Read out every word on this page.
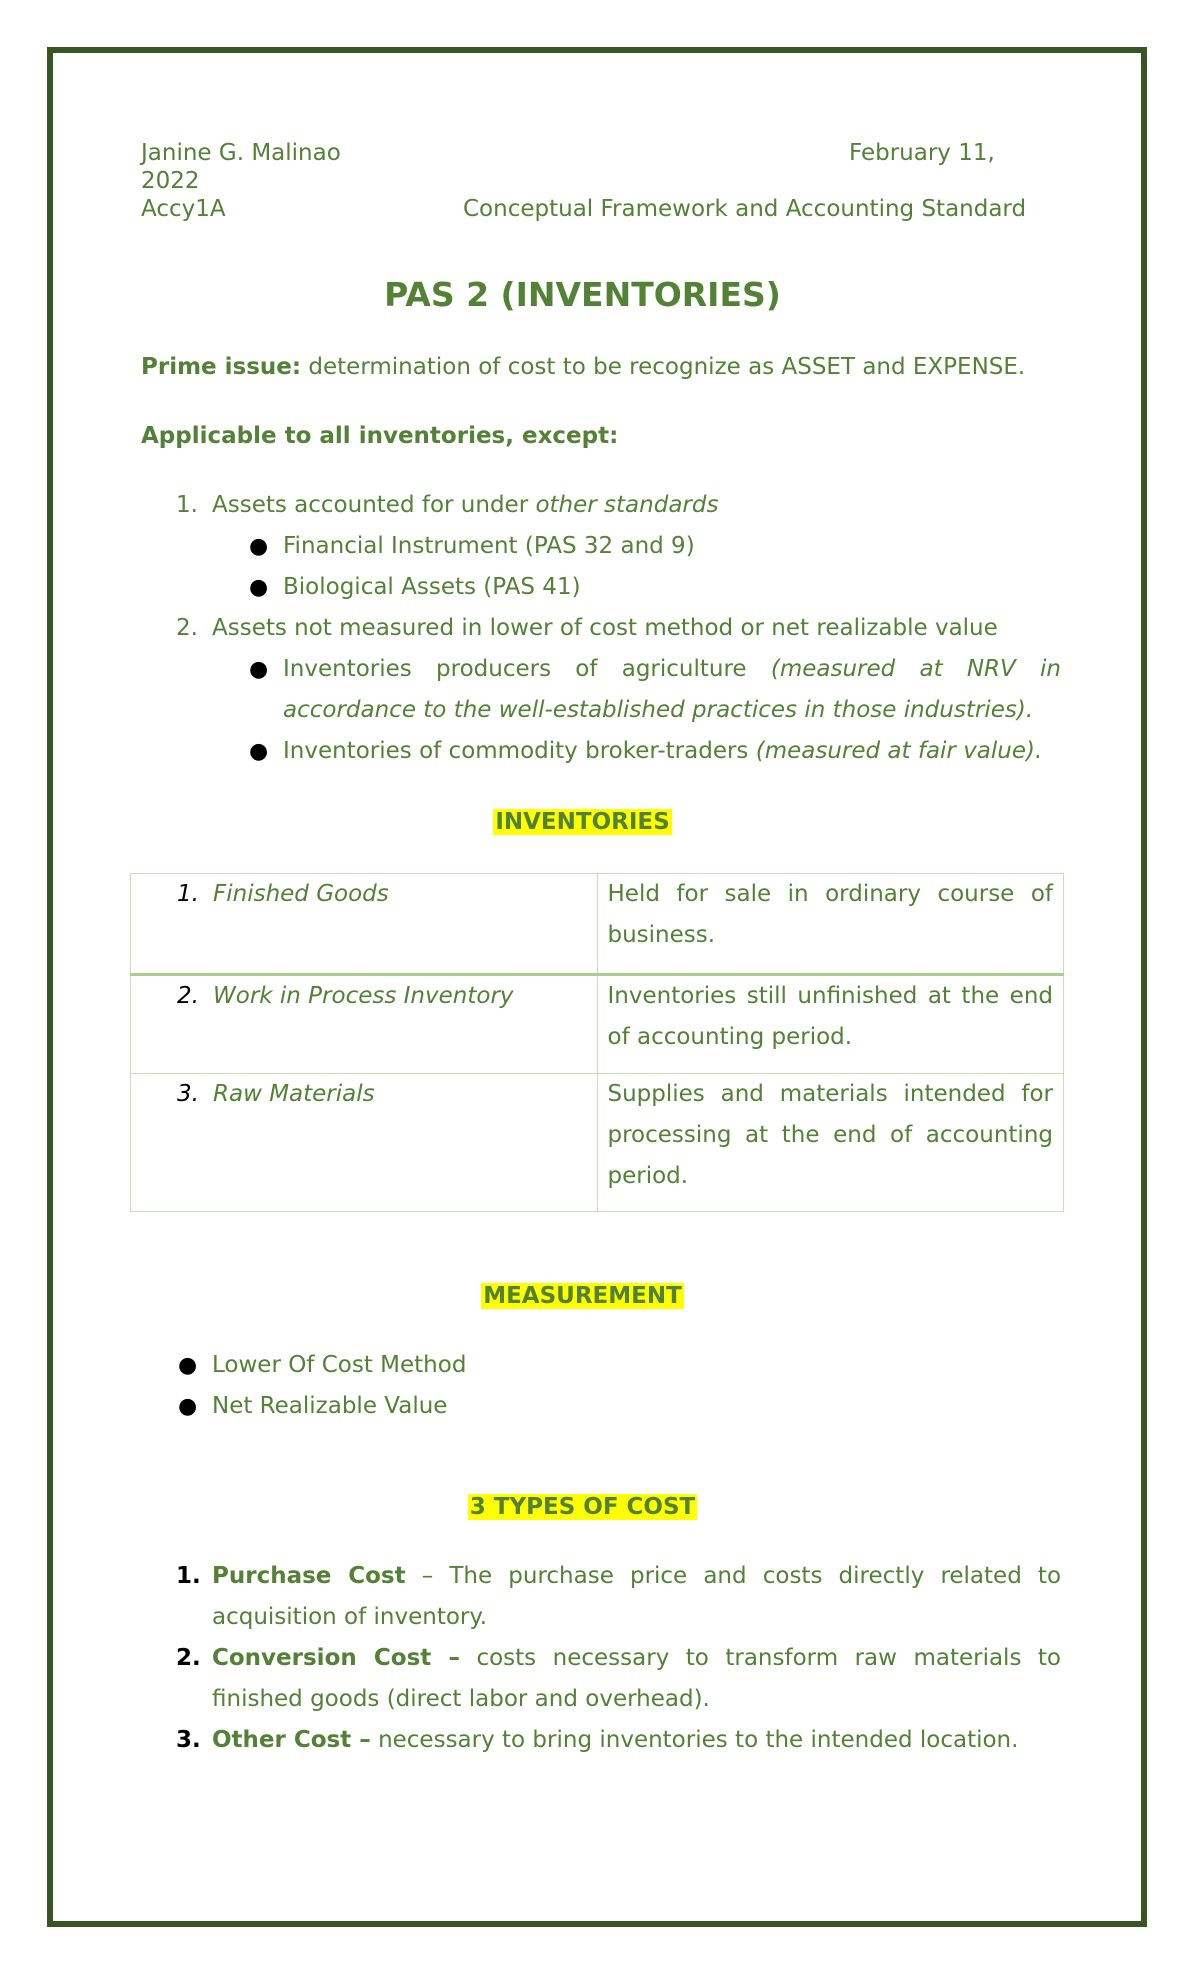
Janine G. Malinao	February 11,
2022
Accy1A	Conceptual Framework and Accounting Standard
PAS 2 (INVENTORIES)

Prime issue: determination of cost to be recognize as ASSET and EXPENSE.

Applicable to all inventories, except:

1. Assets accounted for under other standards
● Financial Instrument (PAS 32 and 9)
● Biological Assets (PAS 41)
2. Assets not measured in lower of cost method or net realizable value
● Inventories producers of agriculture (measured at NRV in accordance to the well-established practices in those industries).
● Inventories of commodity broker-traders (measured at fair value).
INVENTORIES
1. Finished Goods	Held for sale in ordinary course of business.

2. Work in Process Inventory	Inventories still unfinished at the end of accounting period.

3. Raw Materials	Supplies and materials intended for processing at the end of accounting period.
MEASUREMENT
● Lower Of Cost Method
● Net Realizable Value
3 TYPES OF COST
1. Purchase Cost – The purchase price and costs directly related to acquisition of inventory.
2. Conversion Cost – costs necessary to transform raw materials to finished goods (direct labor and overhead).
3. Other Cost – necessary to bring inventories to the intended location.
